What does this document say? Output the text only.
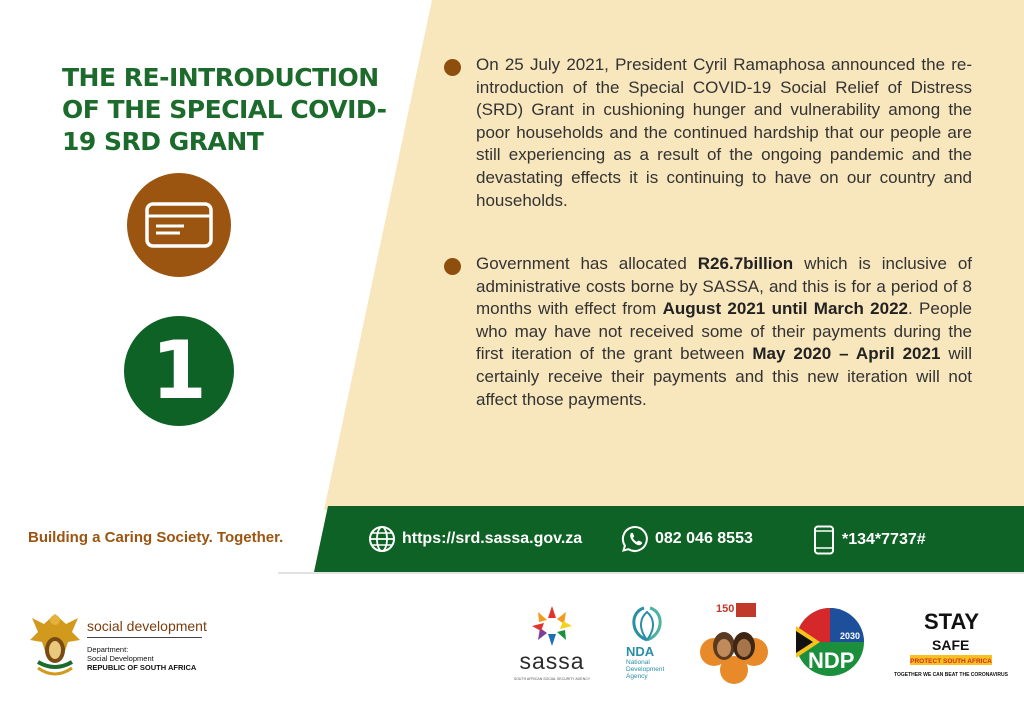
THE RE-INTRODUCTION OF THE SPECIAL COVID-19 SRD GRANT
1

On 25 July 2021, President Cyril Ramaphosa announced the re-introduction of the Special COVID-19 Social Relief of Distress (SRD) Grant in cushioning hunger and vulnerability among the poor households and the continued hardship that our people are still experiencing as a result of the ongoing pandemic and the devastating effects it is continuing to have on our country and households.

Government has allocated R26.7billion which is inclusive of administrative costs borne by SASSA, and this is for a period of 8 months with effect from August 2021 until March 2022. People who may have not received some of their payments during the first iteration of the grant between May 2020 – April 2021 will certainly receive their payments and this new iteration will not affect those payments.

Building a Caring Society. Together.	https://srd.sassa.gov.za	082 046 8553	*134*7737#
social development
Department:
Social Development
REPUBLIC OF SOUTH AFRICA	sassa
SOUTH AFRICAN SOCIAL SECURITY AGENCY
NDA
National
Development
Agency
150
2030
NDP
STAY
SAFE
PROTECT SOUTH AFRICA
TOGETHER WE CAN BEAT THE CORONAVIRUS
